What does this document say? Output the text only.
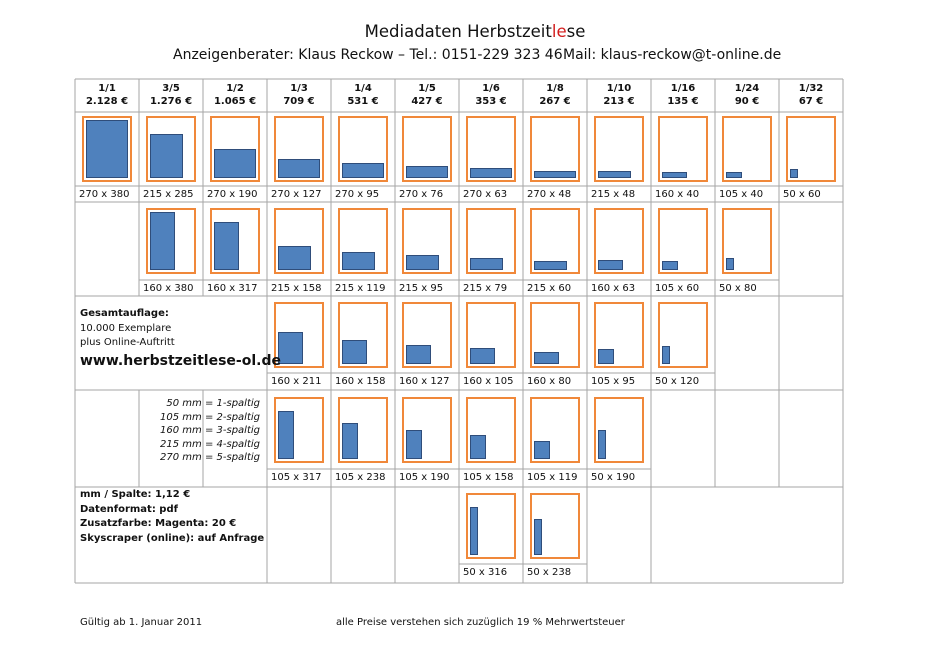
Mediadaten Herbstzeitlese
Anzeigenberater: Klaus Reckow – Tel.: 0151-229 323 46 Mail: klaus-reckow@t-online.de
1/1
2.128 €
3/5
1.276 €
1/2
1.065 €
1/3
709 €
1/4
531 €
1/5
427 €
1/6
353 €
1/8
267 €
1/10
213 €
1/16
135 €
1/24
90 €
1/32
67 €
270 x 380 215 x 285 270 x 190 270 x 127 270 x 95 270 x 76 270 x 63 270 x 48 215 x 48 160 x 40 105 x 40 50 x 60
160 x 380 160 x 317 215 x 158 215 x 119 215 x 95 215 x 79 215 x 60 160 x 63 105 x 60 50 x 80
160 x 211 160 x 158 160 x 127 160 x 105 160 x 80 105 x 95 50 x 120
105 x 317 105 x 238 105 x 190 105 x 158 105 x 119 50 x 190
50 x 316 50 x 238
Gesamtauflage:
10.000 Exemplare
plus Online-Auftritt
www.herbstzeitlese-ol.de
50 mm = 1-spaltig
105 mm = 2-spaltig
160 mm = 3-spaltig
215 mm = 4-spaltig
270 mm = 5-spaltig
mm / Spalte: 1,12 €
Datenformat: pdf
Zusatzfarbe: Magenta: 20 €
Skyscraper (online): auf Anfrage
Gültig ab 1. Januar 2011	alle Preise verstehen sich zuzüglich 19 % Mehrwertsteuer
